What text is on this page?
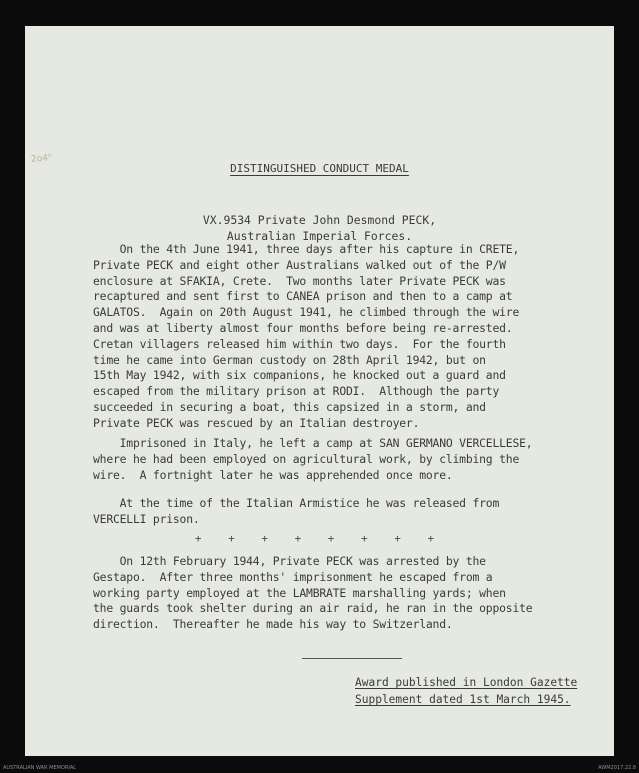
2o4⁵
DISTINGUISHED CONDUCT MEDAL
VX.9534 Private John Desmond PECK,
Australian Imperial Forces.

On the 4th June 1941, three days after his capture in CRETE,

Private PECK and eight other Australians walked out of the P/W

enclosure at SFAKIA, Crete.  Two months later Private PECK was

recaptured and sent first to CANEA prison and then to a camp at

GALATOS.  Again on 20th August 1941, he climbed through the wire

and was at liberty almost four months before being re-arrested.

Cretan villagers released him within two days.  For the fourth

time he came into German custody on 28th April 1942, but on

15th May 1942, with six companions, he knocked out a guard and

escaped from the military prison at RODI.  Although the party

succeeded in securing a boat, this capsized in a storm, and

Private PECK was rescued by an Italian destroyer.

Imprisoned in Italy, he left a camp at SAN GERMANO VERCELLESE,

where he had been employed on agricultural work, by climbing the

wire.  A fortnight later he was apprehended once more.

At the time of the Italian Armistice he was released from

VERCELLI prison.

+ + + + + + + +

On 12th February 1944, Private PECK was arrested by the

Gestapo.  After three months' imprisonment he escaped from a

working party employed at the LAMBRATE marshalling yards; when

the guards took shelter during an air raid, he ran in the opposite

direction.  Thereafter he made his way to Switzerland.

Award published in London Gazette
Supplement dated 1st March 1945.
AUSTRALIAN WAR MEMORIAL	AWM2017.22.8
